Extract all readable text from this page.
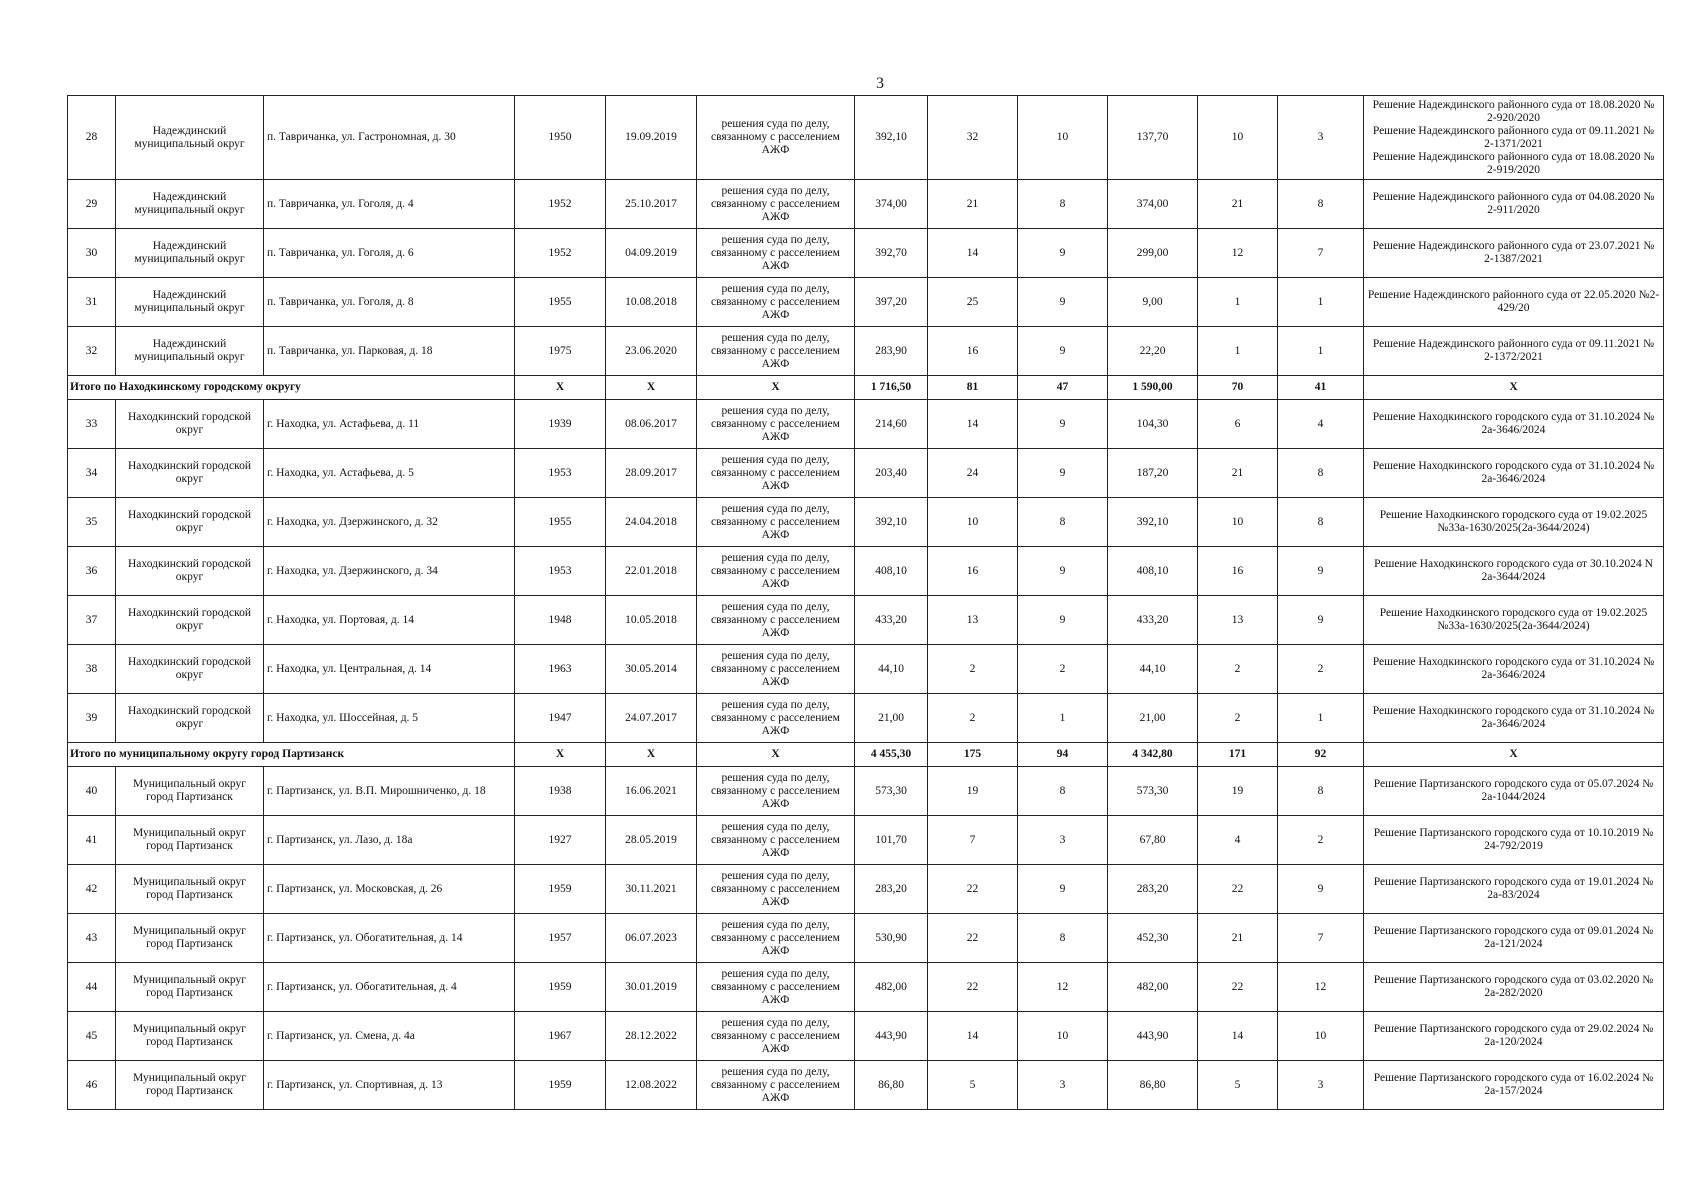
3
28	Надеждинский муниципальный округ	п. Тавричанка, ул. Гастрономная, д. 30	1950	19.09.2019	решения суда по делу, связанному с расселением АЖФ	392,10	32	10	137,70	10	3	Решение Надеждинского районного суда от 18.08.2020 № 2-920/2020
Решение Надеждинского районного суда от 09.11.2021 № 2-1371/2021
Решение Надеждинского районного суда от 18.08.2020 № 2-919/2020

29	Надеждинский муниципальный округ	п. Тавричанка, ул. Гоголя, д. 4	1952	25.10.2017	решения суда по делу, связанному с расселением АЖФ	374,00	21	8	374,00	21	8	Решение Надеждинского районного суда от 04.08.2020 № 2-911/2020

30	Надеждинский муниципальный округ	п. Тавричанка, ул. Гоголя, д. 6	1952	04.09.2019	решения суда по делу, связанному с расселением АЖФ	392,70	14	9	299,00	12	7	Решение Надеждинского районного суда от 23.07.2021 № 2-1387/2021

31	Надеждинский муниципальный округ	п. Тавричанка, ул. Гоголя, д. 8	1955	10.08.2018	решения суда по делу, связанному с расселением АЖФ	397,20	25	9	9,00	1	1	Решение Надеждинского районного суда от 22.05.2020 №2-429/20

32	Надеждинский муниципальный округ	п. Тавричанка, ул. Парковая, д. 18	1975	23.06.2020	решения суда по делу, связанному с расселением АЖФ	283,90	16	9	22,20	1	1	Решение Надеждинского районного суда от 09.11.2021 № 2-1372/2021

Итого по Находкинскому городскому округу			X	X	X	1 716,50	81	47	1 590,00	70	41	X
33	Находкинский городской округ	г. Находка, ул. Астафьева, д. 11	1939	08.06.2017	решения суда по делу, связанному с расселением АЖФ	214,60	14	9	104,30	6	4	Решение Находкинского городского суда от 31.10.2024 № 2а-3646/2024

34	Находкинский городской округ	г. Находка, ул. Астафьева, д. 5	1953	28.09.2017	решения суда по делу, связанному с расселением АЖФ	203,40	24	9	187,20	21	8	Решение Находкинского городского суда от 31.10.2024 № 2а-3646/2024

35	Находкинский городской округ	г. Находка, ул. Дзержинского, д. 32	1955	24.04.2018	решения суда по делу, связанному с расселением АЖФ	392,10	10	8	392,10	10	8	Решение Находкинского городского суда от 19.02.2025 №33а-1630/2025(2а-3644/2024)

36	Находкинский городской округ	г. Находка, ул. Дзержинского, д. 34	1953	22.01.2018	решения суда по делу, связанному с расселением АЖФ	408,10	16	9	408,10	16	9	Решение Находкинского городского суда от 30.10.2024 N 2а-3644/2024

37	Находкинский городской округ	г. Находка, ул. Портовая, д. 14	1948	10.05.2018	решения суда по делу, связанному с расселением АЖФ	433,20	13	9	433,20	13	9	Решение Находкинского городского суда от 19.02.2025 №33а-1630/2025(2а-3644/2024)

38	Находкинский городской округ	г. Находка, ул. Центральная, д. 14	1963	30.05.2014	решения суда по делу, связанному с расселением АЖФ	44,10	2	2	44,10	2	2	Решение Находкинского городского суда от 31.10.2024 № 2а-3646/2024

39	Находкинский городской округ	г. Находка, ул. Шоссейная, д. 5	1947	24.07.2017	решения суда по делу, связанному с расселением АЖФ	21,00	2	1	21,00	2	1	Решение Находкинского городского суда от 31.10.2024 № 2а-3646/2024

Итого по муниципальному округу город Партизанск			X	X	X	4 455,30	175	94	4 342,80	171	92	X
40	Муниципальный округ город Партизанск	г. Партизанск, ул. В.П. Мирошниченко, д. 18	1938	16.06.2021	решения суда по делу, связанному с расселением АЖФ	573,30	19	8	573,30	19	8	Решение Партизанского городского суда от 05.07.2024 № 2а-1044/2024

41	Муниципальный округ город Партизанск	г. Партизанск, ул. Лазо, д. 18а	1927	28.05.2019	решения суда по делу, связанному с расселением АЖФ	101,70	7	3	67,80	4	2	Решение Партизанского городского суда от 10.10.2019 № 24-792/2019

42	Муниципальный округ город Партизанск	г. Партизанск, ул. Московская, д. 26	1959	30.11.2021	решения суда по делу, связанному с расселением АЖФ	283,20	22	9	283,20	22	9	Решение Партизанского городского суда от 19.01.2024 № 2а-83/2024

43	Муниципальный округ город Партизанск	г. Партизанск, ул. Обогатительная, д. 14	1957	06.07.2023	решения суда по делу, связанному с расселением АЖФ	530,90	22	8	452,30	21	7	Решение Партизанского городского суда от 09.01.2024 № 2а-121/2024

44	Муниципальный округ город Партизанск	г. Партизанск, ул. Обогатительная, д. 4	1959	30.01.2019	решения суда по делу, связанному с расселением АЖФ	482,00	22	12	482,00	22	12	Решение Партизанского городского суда от 03.02.2020 № 2а-282/2020

45	Муниципальный округ город Партизанск	г. Партизанск, ул. Смена, д. 4а	1967	28.12.2022	решения суда по делу, связанному с расселением АЖФ	443,90	14	10	443,90	14	10	Решение Партизанского городского суда от 29.02.2024 № 2а-120/2024

46	Муниципальный округ город Партизанск	г. Партизанск, ул. Спортивная, д. 13	1959	12.08.2022	решения суда по делу, связанному с расселением АЖФ	86,80	5	3	86,80	5	3	Решение Партизанского городского суда от 16.02.2024 № 2а-157/2024
